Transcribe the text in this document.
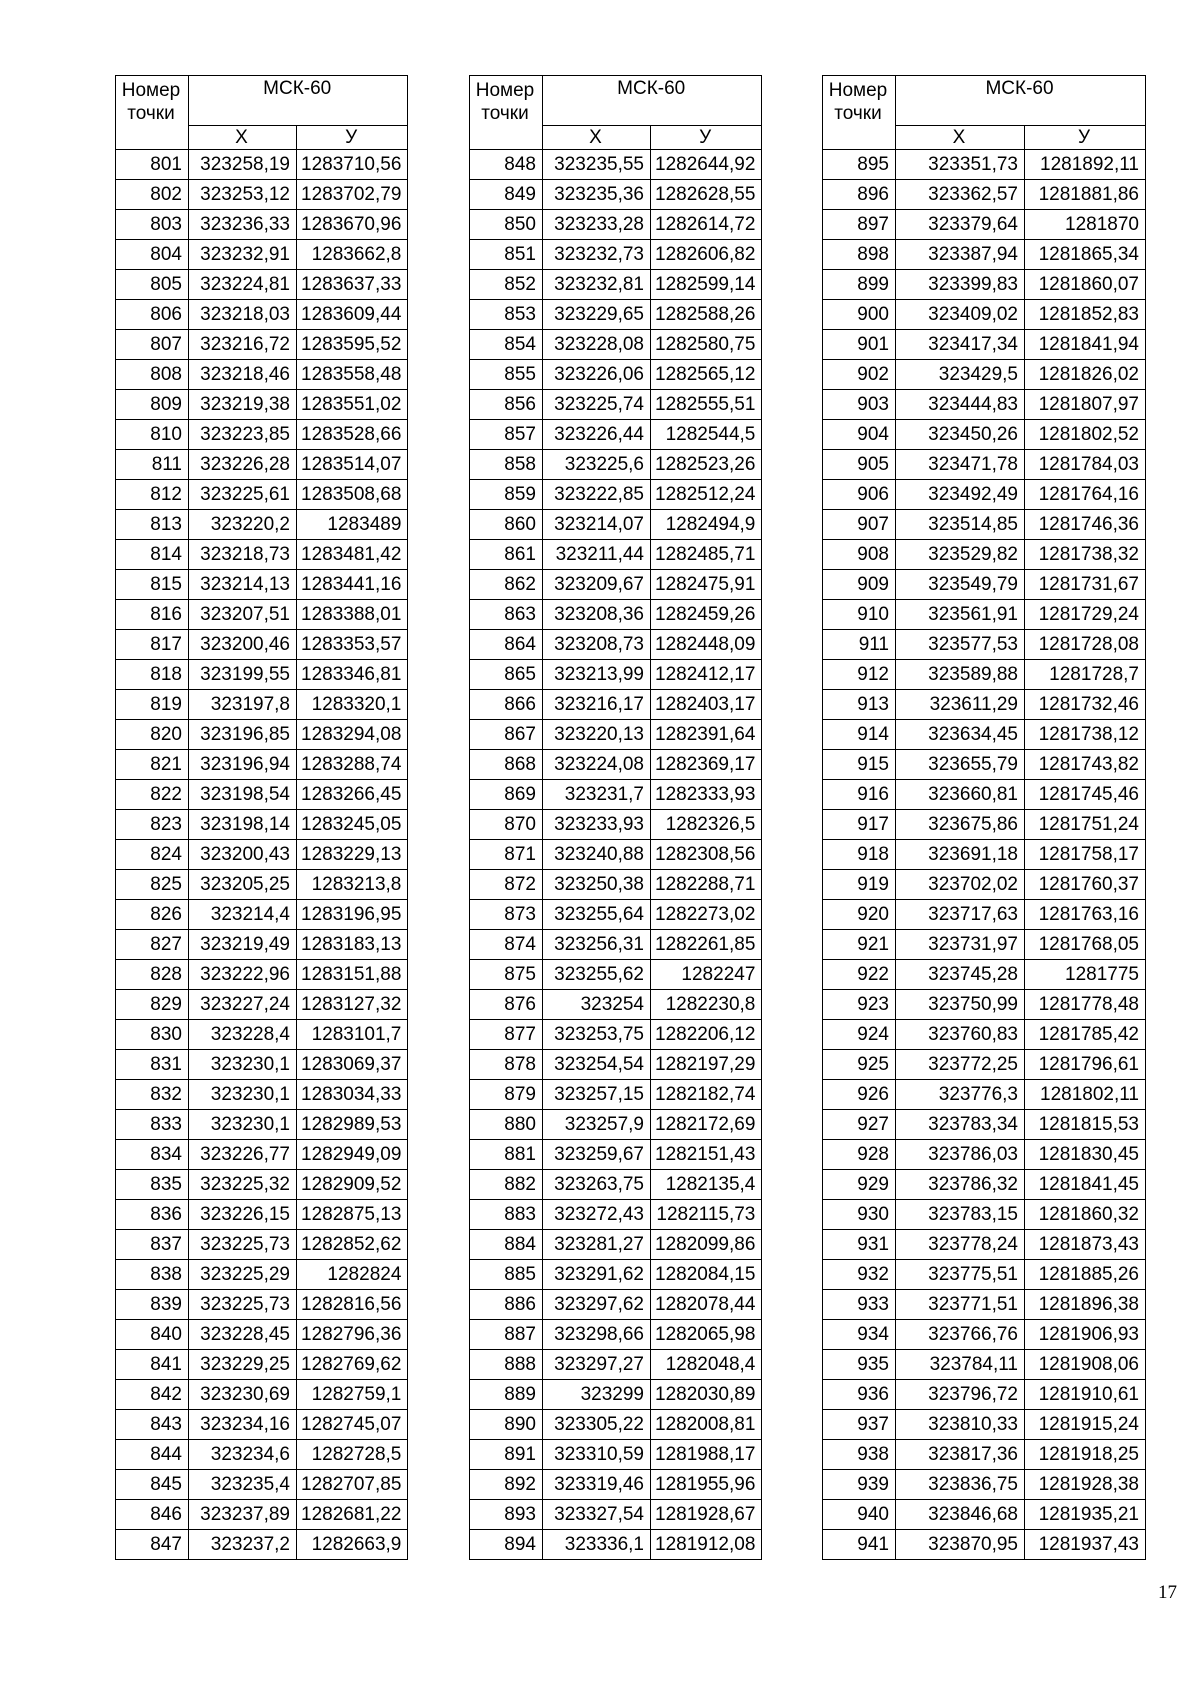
Номер
точки	МСК-60	
	X	У
801	323258,19	1283710,56
802	323253,12	1283702,79
803	323236,33	1283670,96
804	323232,91	1283662,8
805	323224,81	1283637,33
806	323218,03	1283609,44
807	323216,72	1283595,52
808	323218,46	1283558,48
809	323219,38	1283551,02
810	323223,85	1283528,66
811	323226,28	1283514,07
812	323225,61	1283508,68
813	323220,2	1283489
814	323218,73	1283481,42
815	323214,13	1283441,16
816	323207,51	1283388,01
817	323200,46	1283353,57
818	323199,55	1283346,81
819	323197,8	1283320,1
820	323196,85	1283294,08
821	323196,94	1283288,74
822	323198,54	1283266,45
823	323198,14	1283245,05
824	323200,43	1283229,13
825	323205,25	1283213,8
826	323214,4	1283196,95
827	323219,49	1283183,13
828	323222,96	1283151,88
829	323227,24	1283127,32
830	323228,4	1283101,7
831	323230,1	1283069,37
832	323230,1	1283034,33
833	323230,1	1282989,53
834	323226,77	1282949,09
835	323225,32	1282909,52
836	323226,15	1282875,13
837	323225,73	1282852,62
838	323225,29	1282824
839	323225,73	1282816,56
840	323228,45	1282796,36
841	323229,25	1282769,62
842	323230,69	1282759,1
843	323234,16	1282745,07
844	323234,6	1282728,5
845	323235,4	1282707,85
846	323237,89	1282681,22
847	323237,2	1282663,9
Номер
точки	МСК-60	
	X	У
848	323235,55	1282644,92
849	323235,36	1282628,55
850	323233,28	1282614,72
851	323232,73	1282606,82
852	323232,81	1282599,14
853	323229,65	1282588,26
854	323228,08	1282580,75
855	323226,06	1282565,12
856	323225,74	1282555,51
857	323226,44	1282544,5
858	323225,6	1282523,26
859	323222,85	1282512,24
860	323214,07	1282494,9
861	323211,44	1282485,71
862	323209,67	1282475,91
863	323208,36	1282459,26
864	323208,73	1282448,09
865	323213,99	1282412,17
866	323216,17	1282403,17
867	323220,13	1282391,64
868	323224,08	1282369,17
869	323231,7	1282333,93
870	323233,93	1282326,5
871	323240,88	1282308,56
872	323250,38	1282288,71
873	323255,64	1282273,02
874	323256,31	1282261,85
875	323255,62	1282247
876	323254	1282230,8
877	323253,75	1282206,12
878	323254,54	1282197,29
879	323257,15	1282182,74
880	323257,9	1282172,69
881	323259,67	1282151,43
882	323263,75	1282135,4
883	323272,43	1282115,73
884	323281,27	1282099,86
885	323291,62	1282084,15
886	323297,62	1282078,44
887	323298,66	1282065,98
888	323297,27	1282048,4
889	323299	1282030,89
890	323305,22	1282008,81
891	323310,59	1281988,17
892	323319,46	1281955,96
893	323327,54	1281928,67
894	323336,1	1281912,08
Номер
точки	МСК-60	
	X	У
895	323351,73	1281892,11
896	323362,57	1281881,86
897	323379,64	1281870
898	323387,94	1281865,34
899	323399,83	1281860,07
900	323409,02	1281852,83
901	323417,34	1281841,94
902	323429,5	1281826,02
903	323444,83	1281807,97
904	323450,26	1281802,52
905	323471,78	1281784,03
906	323492,49	1281764,16
907	323514,85	1281746,36
908	323529,82	1281738,32
909	323549,79	1281731,67
910	323561,91	1281729,24
911	323577,53	1281728,08
912	323589,88	1281728,7
913	323611,29	1281732,46
914	323634,45	1281738,12
915	323655,79	1281743,82
916	323660,81	1281745,46
917	323675,86	1281751,24
918	323691,18	1281758,17
919	323702,02	1281760,37
920	323717,63	1281763,16
921	323731,97	1281768,05
922	323745,28	1281775
923	323750,99	1281778,48
924	323760,83	1281785,42
925	323772,25	1281796,61
926	323776,3	1281802,11
927	323783,34	1281815,53
928	323786,03	1281830,45
929	323786,32	1281841,45
930	323783,15	1281860,32
931	323778,24	1281873,43
932	323775,51	1281885,26
933	323771,51	1281896,38
934	323766,76	1281906,93
935	323784,11	1281908,06
936	323796,72	1281910,61
937	323810,33	1281915,24
938	323817,36	1281918,25
939	323836,75	1281928,38
940	323846,68	1281935,21
941	323870,95	1281937,43
17
